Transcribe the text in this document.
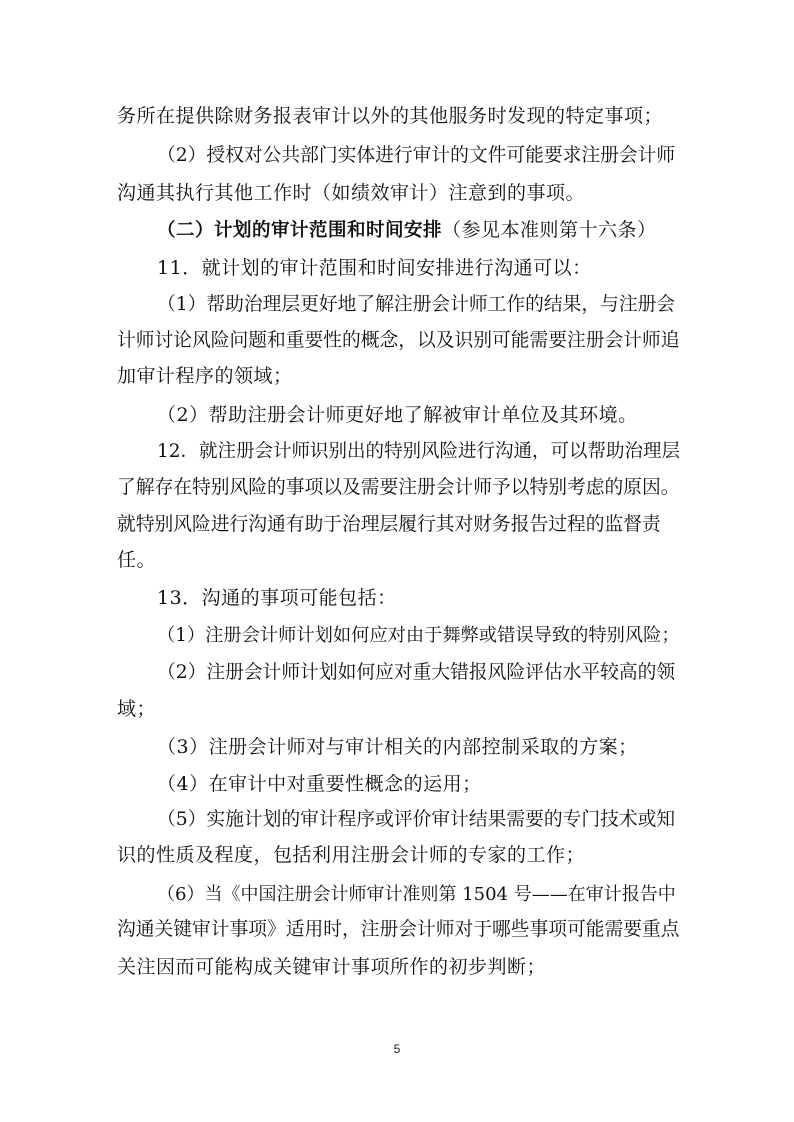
务所在提供除财务报表审计以外的其他服务时发现的特定事项；
（2）授权对公共部门实体进行审计的文件可能要求注册会计师
沟通其执行其他工作时（如绩效审计）注意到的事项。
（二）计划的审计范围和时间安排（参见本准则第十六条）
11．就计划的审计范围和时间安排进行沟通可以：
（1）帮助治理层更好地了解注册会计师工作的结果，与注册会
计师讨论风险问题和重要性的概念，以及识别可能需要注册会计师追
加审计程序的领域；
（2）帮助注册会计师更好地了解被审计单位及其环境。
12．就注册会计师识别出的特别风险进行沟通，可以帮助治理层
了解存在特别风险的事项以及需要注册会计师予以特别考虑的原因。
就特别风险进行沟通有助于治理层履行其对财务报告过程的监督责
任。
13．沟通的事项可能包括：
（1）注册会计师计划如何应对由于舞弊或错误导致的特别风险；
（2）注册会计师计划如何应对重大错报风险评估水平较高的领
域；
（3）注册会计师对与审计相关的内部控制采取的方案；
（4）在审计中对重要性概念的运用；
（5）实施计划的审计程序或评价审计结果需要的专门技术或知
识的性质及程度，包括利用注册会计师的专家的工作；
（6）当《中国注册会计师审计准则第 1504 号——在审计报告中
沟通关键审计事项》适用时，注册会计师对于哪些事项可能需要重点
关注因而可能构成关键审计事项所作的初步判断；
5
